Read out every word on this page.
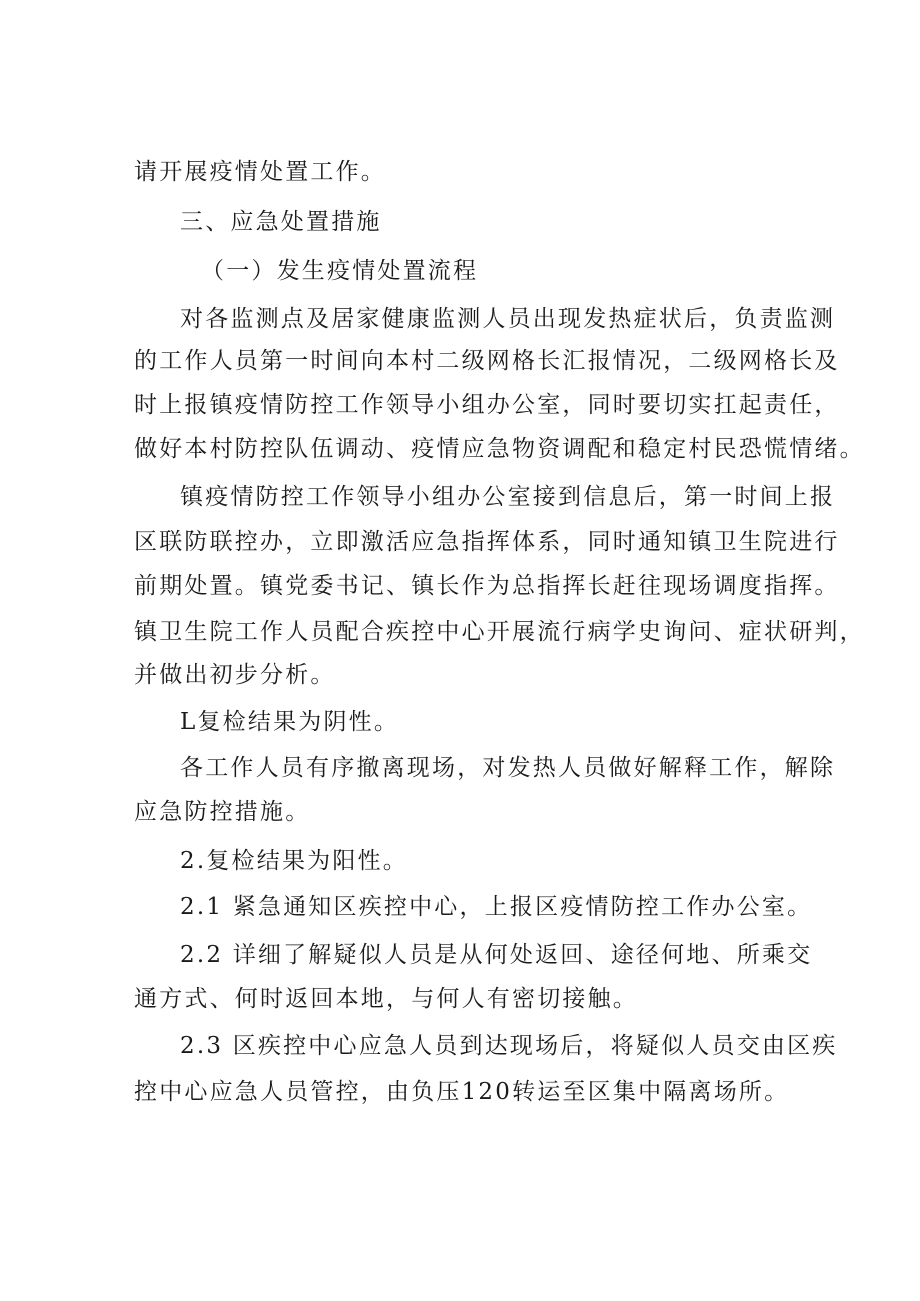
请开展疫情处置工作。
三、应急处置措施
（一）发生疫情处置流程
对各监测点及居家健康监测人员出现发热症状后，负责监测
的工作人员第一时间向本村二级网格长汇报情况，二级网格长及
时上报镇疫情防控工作领导小组办公室，同时要切实扛起责任，
做好本村防控队伍调动、疫情应急物资调配和稳定村民恐慌情绪。
镇疫情防控工作领导小组办公室接到信息后，第一时间上报
区联防联控办，立即激活应急指挥体系，同时通知镇卫生院进行
前期处置。镇党委书记、镇长作为总指挥长赶往现场调度指挥。
镇卫生院工作人员配合疾控中心开展流行病学史询问、症状研判，
并做出初步分析。
L复检结果为阴性。
各工作人员有序撤离现场，对发热人员做好解释工作，解除
应急防控措施。
2.复检结果为阳性。
2.1 紧急通知区疾控中心，上报区疫情防控工作办公室。
2.2 详细了解疑似人员是从何处返回、途径何地、所乘交
通方式、何时返回本地，与何人有密切接触。
2.3 区疾控中心应急人员到达现场后，将疑似人员交由区疾
控中心应急人员管控，由负压120转运至区集中隔离场所。
